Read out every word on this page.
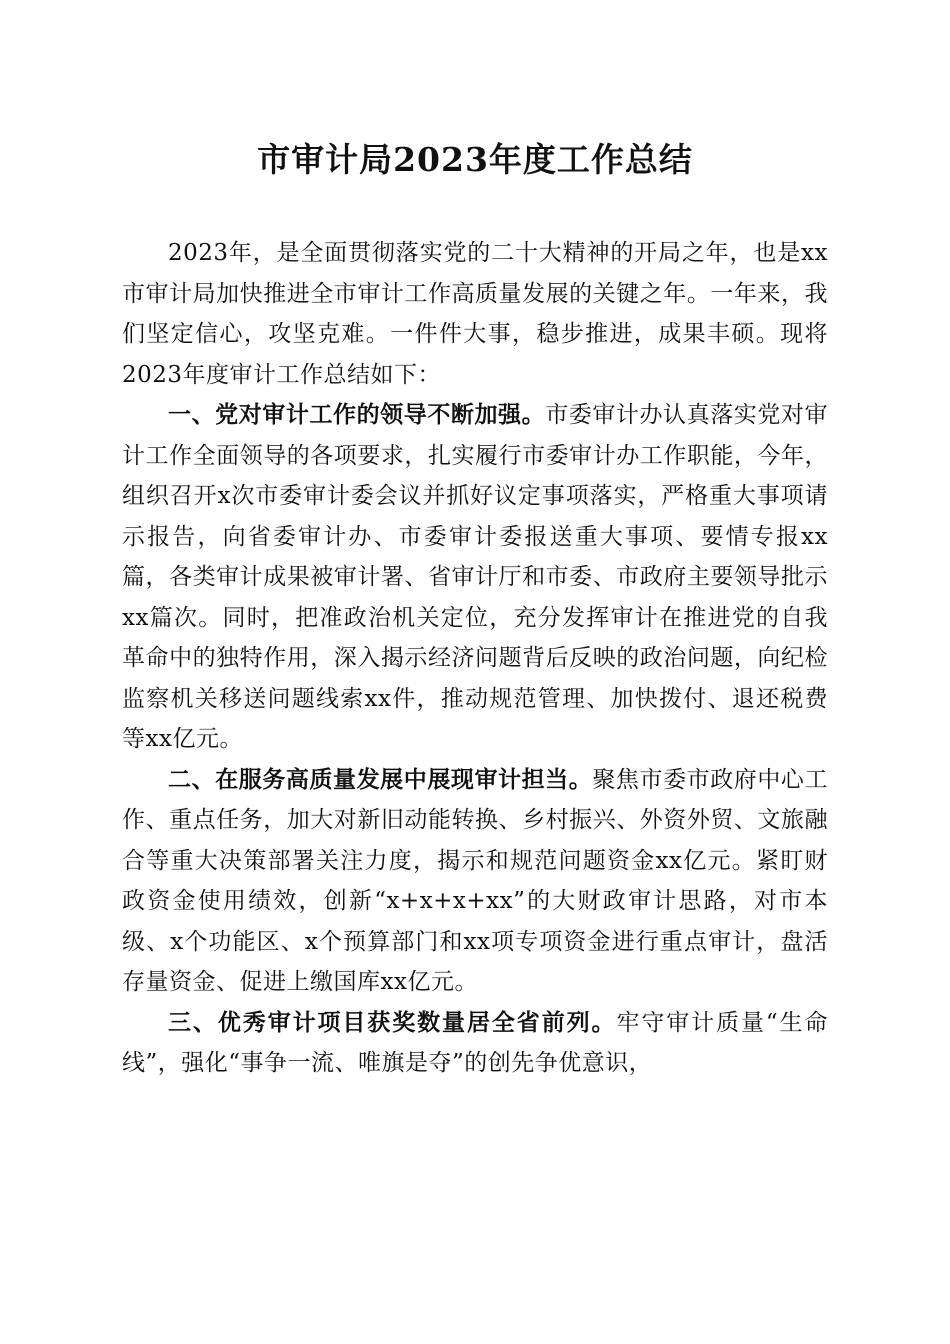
市审计局2023年度工作总结

2023年，是全面贯彻落实党的二十大精神的开局之年，也是xx市审计局加快推进全市审计工作高质量发展的关键之年。一年来，我们坚定信心，攻坚克难。一件件大事，稳步推进，成果丰硕。现将2023年度审计工作总结如下：

一、党对审计工作的领导不断加强。市委审计办认真落实党对审计工作全面领导的各项要求，扎实履行市委审计办工作职能，今年，组织召开x次市委审计委会议并抓好议定事项落实，严格重大事项请示报告，向省委审计办、市委审计委报送重大事项、要情专报xx篇，各类审计成果被审计署、省审计厅和市委、市政府主要领导批示xx篇次。同时，把准政治机关定位，充分发挥审计在推进党的自我革命中的独特作用，深入揭示经济问题背后反映的政治问题，向纪检监察机关移送问题线索xx件，推动规范管理、加快拨付、退还税费等xx亿元。

二、在服务高质量发展中展现审计担当。聚焦市委市政府中心工作、重点任务，加大对新旧动能转换、乡村振兴、外资外贸、文旅融合等重大决策部署关注力度，揭示和规范问题资金xx亿元。紧盯财政资金使用绩效，创新“x+x+x+xx”的大财政审计思路，对市本级、x个功能区、x个预算部门和xx项专项资金进行重点审计，盘活存量资金、促进上缴国库xx亿元。

三、优秀审计项目获奖数量居全省前列。牢守审计质量“生命线”，强化“事争一流、唯旗是夺”的创先争优意识，
